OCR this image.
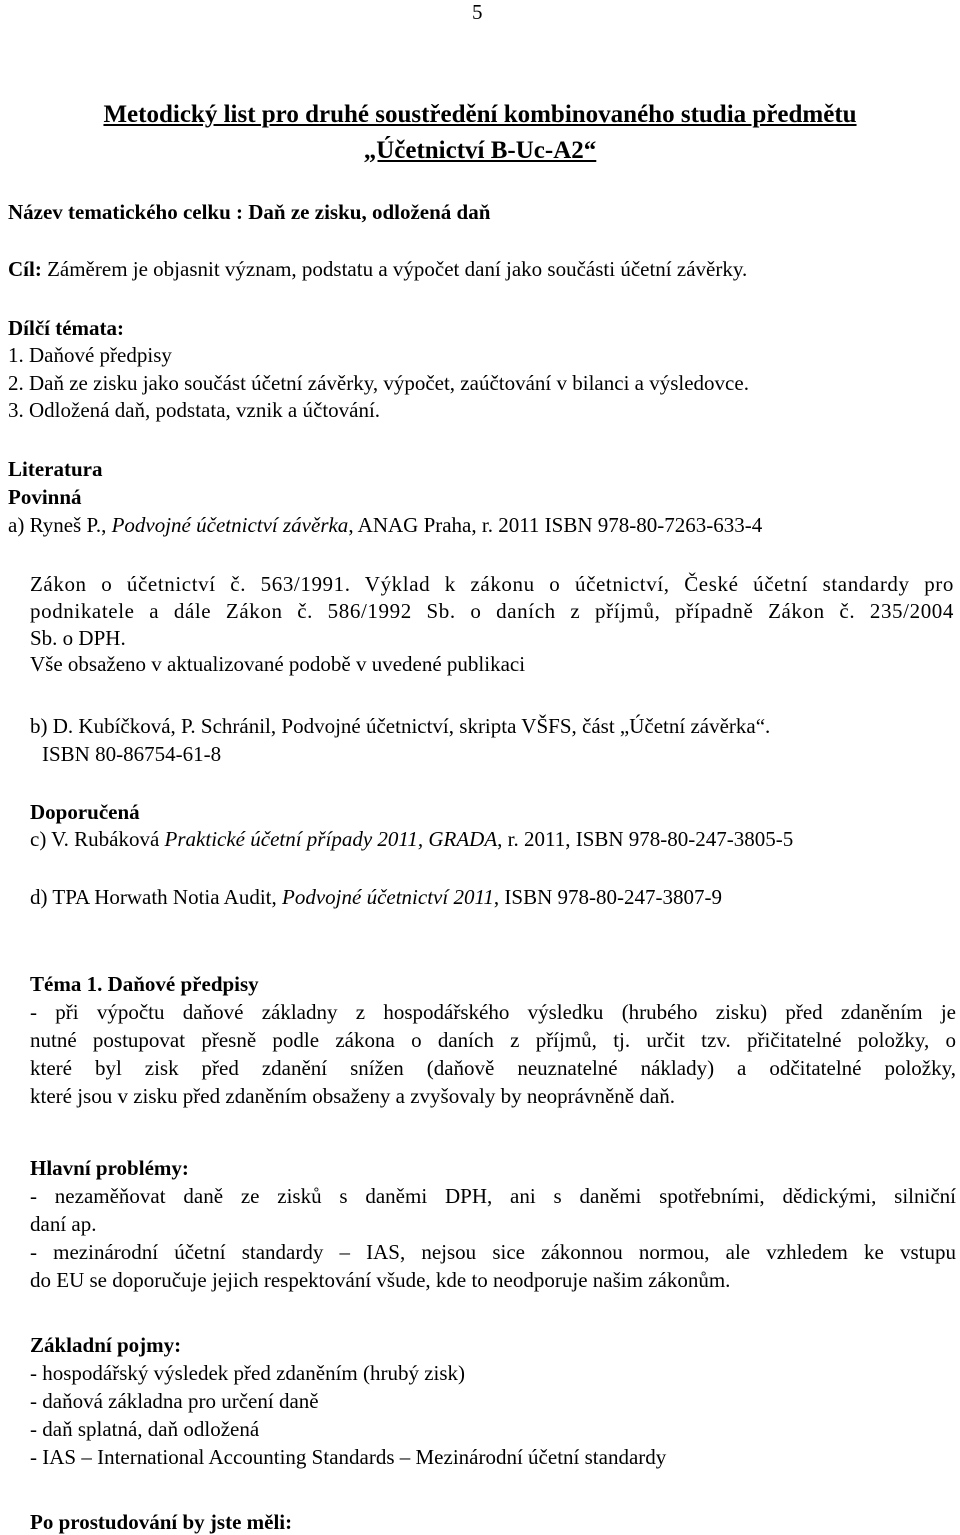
5
Metodický list pro druhé soustředění kombinovaného studia předmětu
„Účetnictví B-Uc-A2“
Název tematického celku : Daň ze zisku, odložená daň
Cíl: Záměrem je objasnit význam, podstatu a výpočet daní jako součásti účetní závěrky.
Dílčí témata:
1. Daňové předpisy
2. Daň ze zisku jako součást účetní závěrky, výpočet, zaúčtování v bilanci a výsledovce.
3. Odložená daň, podstata, vznik a účtování.
Literatura
Povinná
a) Ryneš P., Podvojné účetnictví závěrka, ANAG Praha, r. 2011 ISBN 978-80-7263-633-4
Zákon o účetnictví č. 563/1991. Výklad k zákonu o účetnictví, České účetní standardy pro
podnikatele a dále Zákon č. 586/1992 Sb. o daních z příjmů, případně Zákon č. 235/2004
Sb. o DPH.
Vše obsaženo v aktualizované podobě v uvedené publikaci
b) D. Kubíčková, P. Schránil, Podvojné účetnictví, skripta VŠFS, část „Účetní závěrka“.
ISBN 80-86754-61-8
Doporučená
c) V. Rubáková Praktické účetní případy 2011, GRADA, r. 2011, ISBN 978-80-247-3805-5
d) TPA Horwath Notia Audit, Podvojné účetnictví 2011, ISBN 978-80-247-3807-9
Téma 1. Daňové předpisy
- při výpočtu daňové základny z hospodářského výsledku (hrubého zisku) před zdaněním je
nutné postupovat přesně podle zákona o daních z příjmů, tj. určit tzv. přičitatelné položky, o
které byl zisk před zdanění snížen (daňově neuznatelné náklady) a odčitatelné položky,
které jsou v zisku před zdaněním obsaženy a zvyšovaly by neoprávněně daň.
Hlavní problémy:
- nezaměňovat daně ze zisků s daněmi DPH, ani s daněmi spotřebními, dědickými, silniční
daní ap.
- mezinárodní účetní standardy – IAS, nejsou sice zákonnou normou, ale vzhledem ke vstupu
do EU se doporučuje jejich respektování všude, kde to neodporuje našim zákonům.
Základní pojmy:
- hospodářský výsledek před zdaněním (hrubý zisk)
- daňová základna pro určení daně
- daň splatná, daň odložená
- IAS – International Accounting Standards – Mezinárodní účetní standardy
Po prostudování by jste měli:
